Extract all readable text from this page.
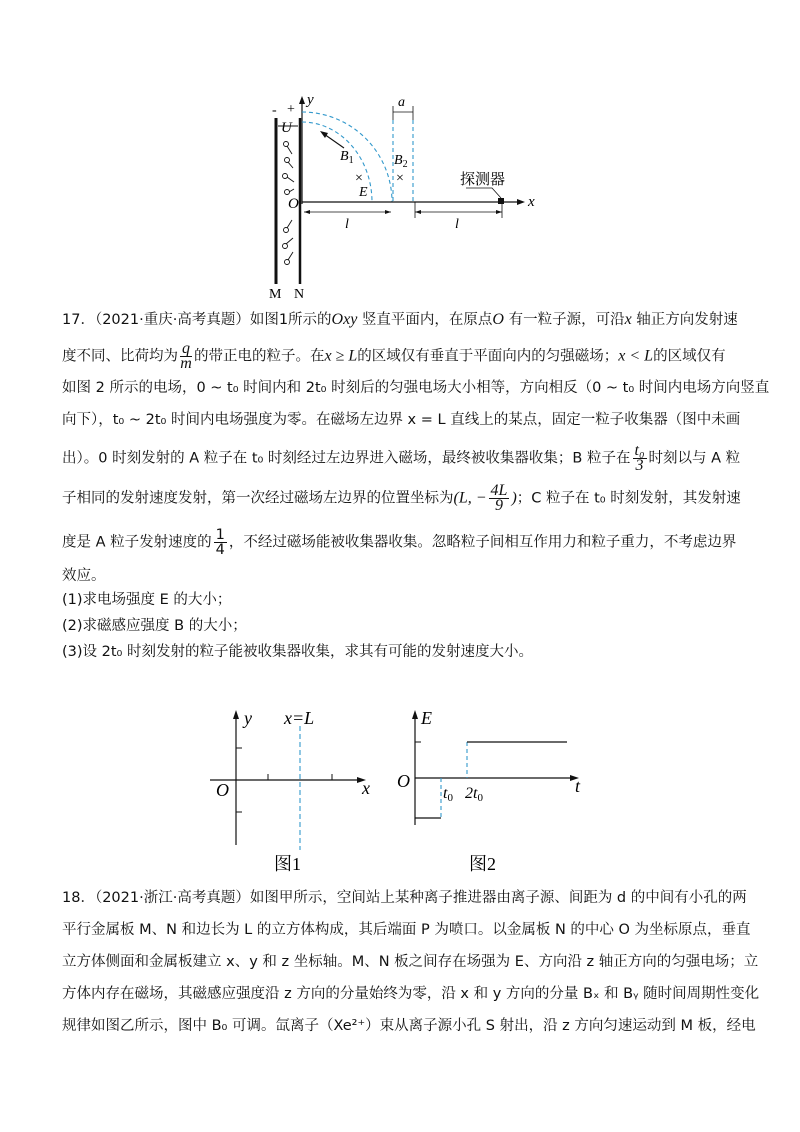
- +
U
y
$B_1$
×
E
a
$B_2$
×
x
O
l	l
探测器
M N
17．（2021·重庆·高考真题）如图1所示的Oxy 竖直平面内，在原点O 有一粒子源，可沿x 轴正方向发射速
度不同、比荷均为 $\frac{q}{m}$ 的带正电的粒子。在x ≥ L的区域仅有垂直于平面向内的匀强磁场；x < L的区域仅有
如图 2 所示的电场，0 ~ t₀ 时间内和 2t₀ 时刻后的匀强电场大小相等，方向相反（0 ~ t₀ 时间内电场方向竖直
向下），t₀ ~ 2t₀ 时间内电场强度为零。在磁场左边界 x = L 直线上的某点，固定一粒子收集器（图中未画
出）。0 时刻发射的 A 粒子在 t₀ 时刻经过左边界进入磁场，最终被收集器收集；B 粒子在 $\frac{\text{t₀}}{3}$ 时刻以与 A 粒
子相同的发射速度发射，第一次经过磁场左边界的位置坐标为(L, − $\frac{4L}{9}$ )；C 粒子在 t₀ 时刻发射，其发射速
度是 A 粒子发射速度的 $\frac{1}{4}$ ，不经过磁场能被收集器收集。忽略粒子间相互作用力和粒子重力，不考虑边界
效应。
(1)求电场强度 E 的大小；
(2)求磁感应强度 B 的大小；
(3)设 2t₀ 时刻发射的粒子能被收集器收集，求其有可能的发射速度大小。
y
x
O
x=L
图1
E
t
O
t0 2t0
图2
18．（2021·浙江·高考真题）如图甲所示，空间站上某种离子推进器由离子源、间距为 d 的中间有小孔的两
平行金属板 M、N 和边长为 L 的立方体构成，其后端面 P 为喷口。以金属板 N 的中心 O 为坐标原点，垂直
立方体侧面和金属板建立 x、y 和 z 坐标轴。M、N 板之间存在场强为 E、方向沿 z 轴正方向的匀强电场；立
方体内存在磁场，其磁感应强度沿 z 方向的分量始终为零，沿 x 和 y 方向的分量 Bₓ 和 Bᵧ 随时间周期性变化
规律如图乙所示，图中 B₀ 可调。氙离子（Xe²⁺）束从离子源小孔 S 射出，沿 z 方向匀速运动到 M 板，经电
